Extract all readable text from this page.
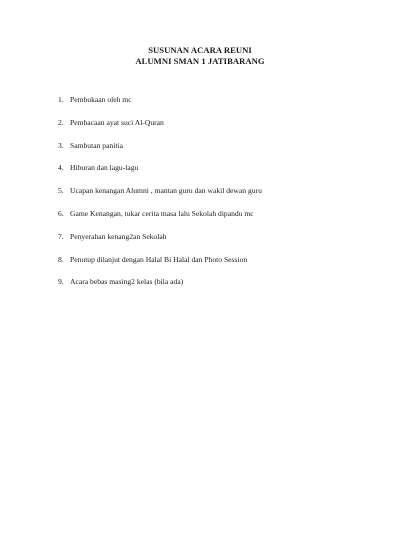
SUSUNAN ACARA REUNI
ALUMNI SMAN 1 JATIBARANG
1. Pembukaan oleh mc
2. Pembacaan ayat suci Al-Quran
3. Sambutan panitia
4. Hiburan dan lagu-lagu
5. Ucapan kenangan Alumni , mantan guru dan wakil dewan guru
6. Game Kenangan, tukar cerita masa lalu Sekolah dipandu mc
7. Penyerahan kenang2an Sekolah
8. Penutup dilanjut dengan Halal Bi Halal dan Photo Session
9. Acara bebas masing2 kelas (bila ada)
